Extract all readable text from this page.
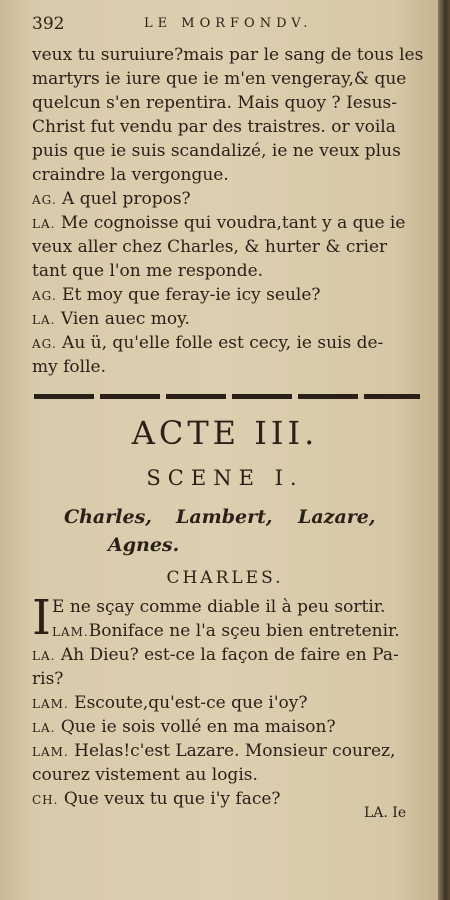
392	LE MORFONDV.
veux tu suruiure?mais par le sang de tous les
martyrs ie iure que ie m'en vengeray,& que
quelcun s'en repentira. Mais quoy ? Iesus-
Christ fut vendu par des traistres. or voila
puis que ie suis scandalizé, ie ne veux plus
craindre la vergongue.
AG. A quel propos?
LA. Me cognoisse qui voudra,tant y a que ie
veux aller chez Charles, & hurter & crier
tant que l'on me responde.
AG. Et moy que feray-ie icy seule?
LA. Vien auec moy.
AG. Au ü, qu'elle folle est cecy, ie suis de-
my folle.
ACTE III.
SCENE I.
Charles, Lambert, Lazare,
Agnes.
CHARLES.
I E ne sçay comme diable il à peu sortir.
LAM.Boniface ne l'a sçeu bien entretenir.
LA. Ah Dieu? est-ce la façon de faire en Pa-
ris?
LAM. Escoute,qu'est-ce que i'oy?
LA. Que ie sois vollé en ma maison?
LAM. Helas!c'est Lazare. Monsieur courez,
courez vistement au logis.
CH. Que veux tu que i'y face?
LA. Ie
